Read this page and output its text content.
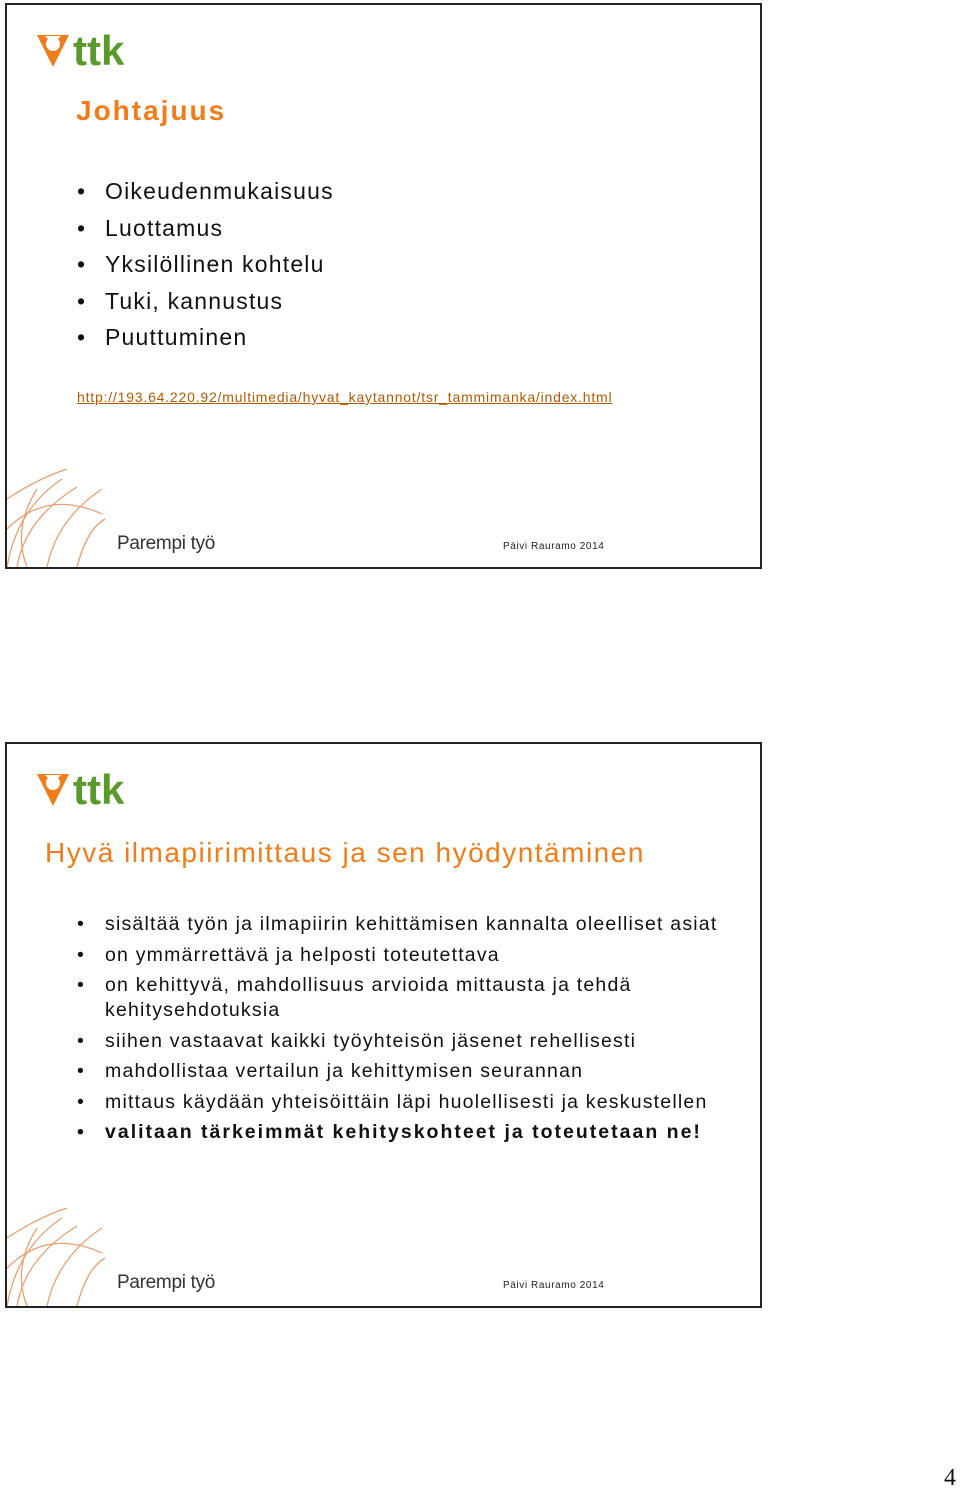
ttk
Johtajuus
• Oikeudenmukaisuus
• Luottamus
• Yksilöllinen kohtelu
• Tuki, kannustus
• Puuttuminen
http://193.64.220.92/multimedia/hyvat_kaytannot/tsr_tammimanka/index.html
Parempi työ	Päivi Rauramo 2014
ttk
Hyvä ilmapiirimittaus ja sen hyödyntäminen
• sisältää työn ja ilmapiirin kehittämisen kannalta oleelliset asiat
• on ymmärrettävä ja helposti toteutettava
• on kehittyvä, mahdollisuus arvioida mittausta ja tehdä kehitysehdotuksia
• siihen vastaavat kaikki työyhteisön jäsenet rehellisesti
• mahdollistaa vertailun ja kehittymisen seurannan
• mittaus käydään yhteisöittäin läpi huolellisesti ja keskustellen
• valitaan tärkeimmät kehityskohteet ja toteutetaan ne!
Parempi työ	Päivi Rauramo 2014
4
